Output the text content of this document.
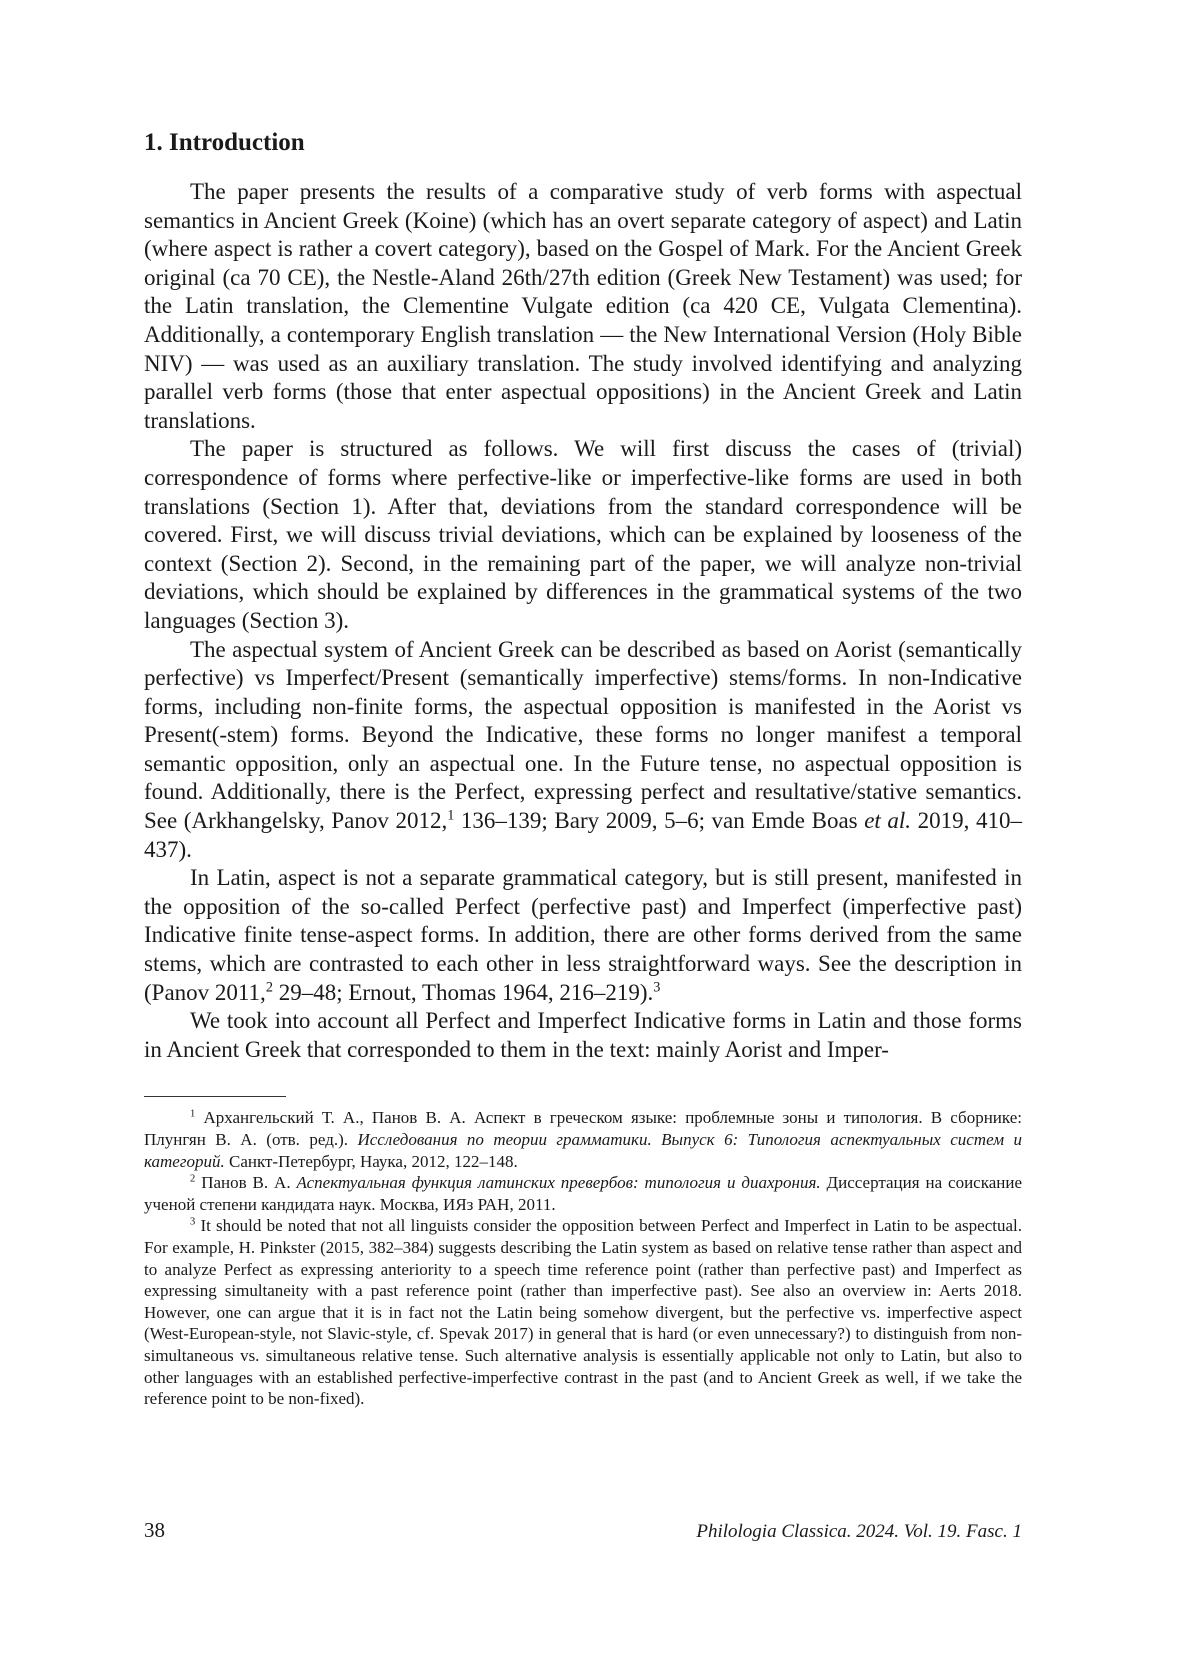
1. Introduction

The paper presents the results of a comparative study of verb forms with aspectual semantics in Ancient Greek (Koine) (which has an overt separate category of aspect) and Latin (where aspect is rather a covert category), based on the Gospel of Mark. For the Ancient Greek original (ca 70 CE), the Nestle-Aland 26th/27th edition (Greek New Testament) was used; for the Latin translation, the Clementine Vulgate edition (ca 420 CE, Vulgata Clementina). Additionally, a contemporary English translation — the New International Version (Holy Bible NIV) — was used as an auxiliary translation. The study involved identifying and analyzing parallel verb forms (those that enter aspectual oppositions) in the Ancient Greek and Latin translations.

The paper is structured as follows. We will first discuss the cases of (trivial) correspondence of forms where perfective-like or imperfective-like forms are used in both translations (Section 1). After that, deviations from the standard correspondence will be covered. First, we will discuss trivial deviations, which can be explained by looseness of the context (Section 2). Second, in the remaining part of the paper, we will analyze non-trivial deviations, which should be explained by differences in the grammatical systems of the two languages (Section 3).

The aspectual system of Ancient Greek can be described as based on Aorist (semantically perfective) vs Imperfect/Present (semantically imperfective) stems/forms. In non-Indicative forms, including non-finite forms, the aspectual opposition is manifested in the Aorist vs Present(-stem) forms. Beyond the Indicative, these forms no longer manifest a temporal semantic opposition, only an aspectual one. In the Future tense, no aspectual opposition is found. Additionally, there is the Perfect, expressing perfect and resultative/stative semantics. See (Arkhangelsky, Panov 2012,$^1$ 136–139; Bary 2009, 5–6; van Emde Boas et al. 2019, 410–437).

In Latin, aspect is not a separate grammatical category, but is still present, manifested in the opposition of the so-called Perfect (perfective past) and Imperfect (imperfective past) Indicative finite tense-aspect forms. In addition, there are other forms derived from the same stems, which are contrasted to each other in less straightforward ways. See the description in (Panov 2011,$^2$ 29–48; Ernout, Thomas 1964, 216–219).$^3$

We took into account all Perfect and Imperfect Indicative forms in Latin and those forms in Ancient Greek that corresponded to them in the text: mainly Aorist and Imper-

$^1$ Архангельский Т. А., Панов В. А. Аспект в греческом языке: проблемные зоны и типология. В сборнике: Плунгян В. А. (отв. ред.). Исследования по теории грамматики. Выпуск 6: Типология аспектуальных систем и категорий. Санкт-Петербург, Наука, 2012, 122–148.

$^2$ Панов В. А. Аспектуальная функция латинских превербов: типология и диахрония. Диссертация на соискание ученой степени кандидата наук. Москва, ИЯз РАН, 2011.

$^3$ It should be noted that not all linguists consider the opposition between Perfect and Imperfect in Latin to be aspectual. For example, H. Pinkster (2015, 382–384) suggests describing the Latin system as based on relative tense rather than aspect and to analyze Perfect as expressing anteriority to a speech time reference point (rather than perfective past) and Imperfect as expressing simultaneity with a past reference point (rather than imperfective past). See also an overview in: Aerts 2018. However, one can argue that it is in fact not the Latin being somehow divergent, but the perfective vs. imperfective aspect (West-European-style, not Slavic-style, cf. Spevak 2017) in general that is hard (or even unnecessary?) to distinguish from non-simultaneous vs. simultaneous relative tense. Such alternative analysis is essentially applicable not only to Latin, but also to other languages with an established perfective-imperfective contrast in the past (and to Ancient Greek as well, if we take the reference point to be non-fixed).

38	Philologia Classica. 2024. Vol. 19. Fasc. 1
